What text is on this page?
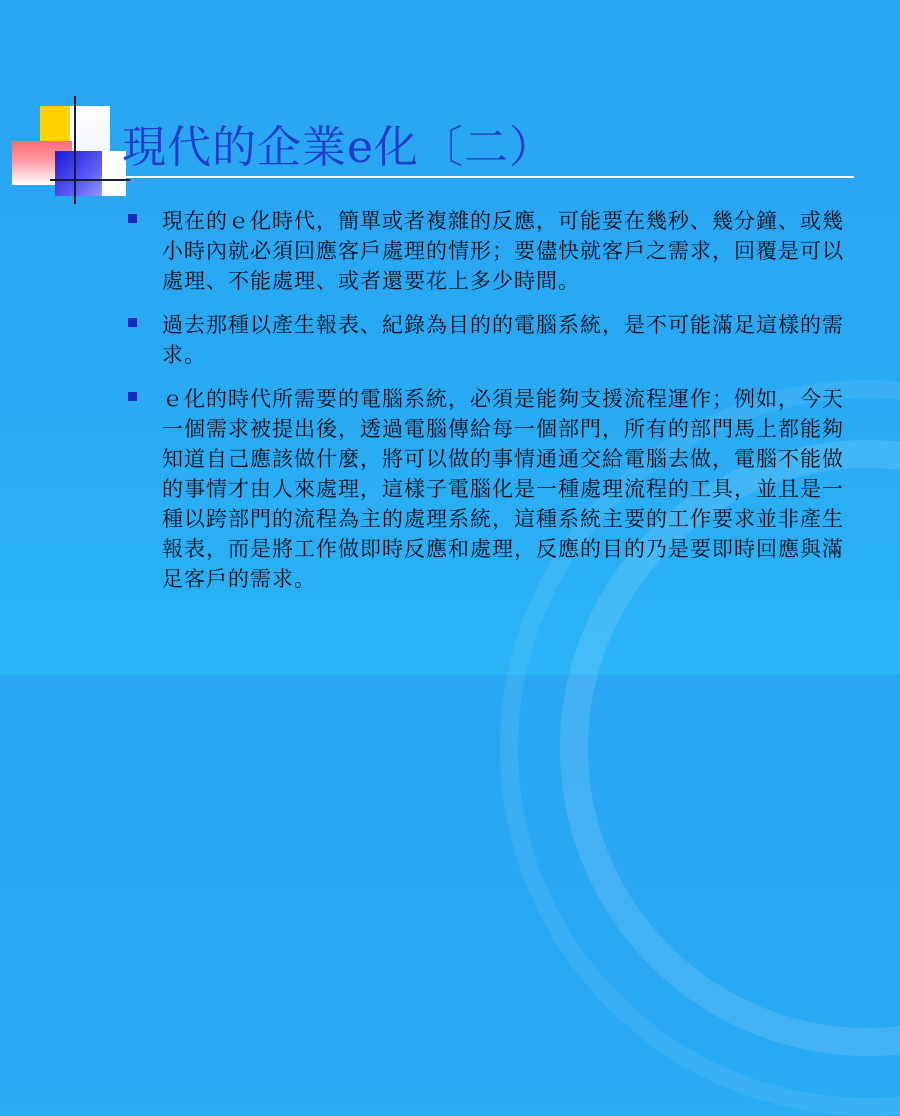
現代的企業e化〔二）
現在的ｅ化時代，簡單或者複雜的反應，可能要在幾秒、幾分鐘、或幾小時內就必須回應客戶處理的情形；要儘快就客戶之需求，回覆是可以處理、不能處理、或者還要花上多少時間。
過去那種以產生報表、紀錄為目的的電腦系統，是不可能滿足這樣的需求。
ｅ化的時代所需要的電腦系統，必須是能夠支援流程運作；例如，今天一個需求被提出後，透過電腦傳給每一個部門，所有的部門馬上都能夠知道自己應該做什麼，將可以做的事情通通交給電腦去做，電腦不能做的事情才由人來處理，這樣子電腦化是一種處理流程的工具，並且是一種以跨部門的流程為主的處理系統，這種系統主要的工作要求並非產生報表，而是將工作做即時反應和處理，反應的目的乃是要即時回應與滿足客戶的需求。
